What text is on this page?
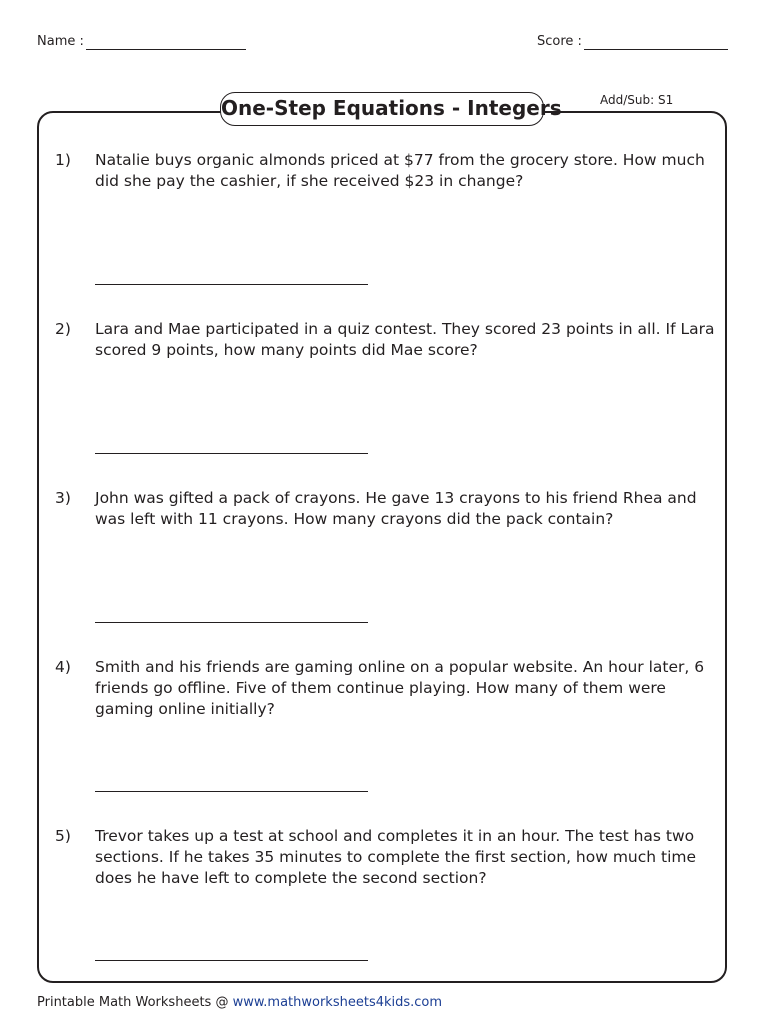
Name :	Score :
One-Step Equations - Integers	Add/Sub: S1
1) Natalie buys organic almonds priced at $77 from the grocery store. How much did she pay the cashier, if she received $23 in change?

2) Lara and Mae participated in a quiz contest. They scored 23 points in all. If Lara scored 9 points, how many points did Mae score?

3) John was gifted a pack of crayons. He gave 13 crayons to his friend Rhea and was left with 11 crayons. How many crayons did the pack contain?

4) Smith and his friends are gaming online on a popular website. An hour later, 6 friends go offline. Five of them continue playing. How many of them were gaming online initially?

5) Trevor takes up a test at school and completes it in an hour. The test has two sections. If he takes 35 minutes to complete the first section, how much time does he have left to complete the second section?

Printable Math Worksheets @ www.mathworksheets4kids.com
